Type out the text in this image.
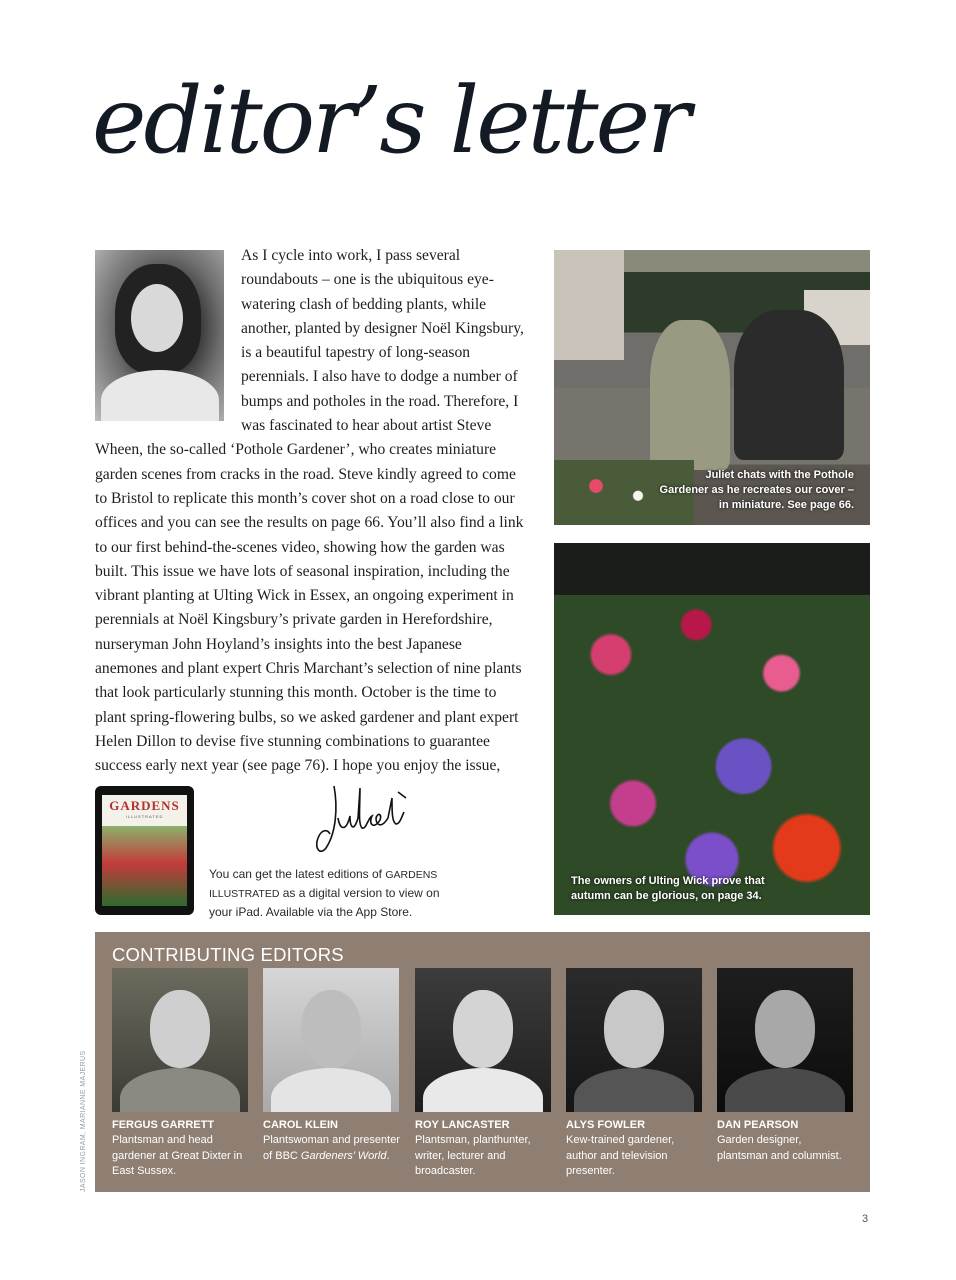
editor’s letter
As I cycle into work, I pass several roundabouts – one is the ubiquitous eye-watering clash of bedding plants, while another, planted by designer Noël Kingsbury, is a beautiful tapestry of long-season perennials. I also have to dodge a number of bumps and potholes in the road. Therefore, I was fascinated to hear about artist Steve Wheen, the so-called ‘Pothole Gardener’, who creates miniature garden scenes from cracks in the road. Steve kindly agreed to come to Bristol to replicate this month’s cover shot on a road close to our offices and you can see the results on page 66. You’ll also find a link to our first behind-the-scenes video, showing how the garden was built. This issue we have lots of seasonal inspiration, including the vibrant planting at Ulting Wick in Essex, an ongoing experiment in perennials at Noël Kingsbury’s private garden in Herefordshire, nurseryman John Hoyland’s insights into the best Japanese anemones and plant expert Chris Marchant’s selection of nine plants that look particularly stunning this month. October is the time to plant spring-flowering bulbs, so we asked gardener and plant expert Helen Dillon to devise five stunning combinations to guarantee success early next year (see page 76). I hope you enjoy the issue,
GARDENS
ILLUSTRATED
You can get the latest editions of GARDENS ILLUSTRATED as a digital version to view on your iPad. Available via the App Store.
Juliet chats with the Pothole Gardener as he recreates our cover – in miniature. See page 66.
The owners of Ulting Wick prove that autumn can be glorious, on page 34.
CONTRIBUTING EDITORS
FERGUS GARRETT
Plantsman and head gardener at Great Dixter in East Sussex.
CAROL KLEIN
Plantswoman and presenter of BBC Gardeners’ World.
ROY LANCASTER
Plantsman, planthunter, writer, lecturer and broadcaster.
ALYS FOWLER
Kew-trained gardener, author and television presenter.
DAN PEARSON
Garden designer, plantsman and columnist.
JASON INGRAM, MARIANNE MAJERUS
3
